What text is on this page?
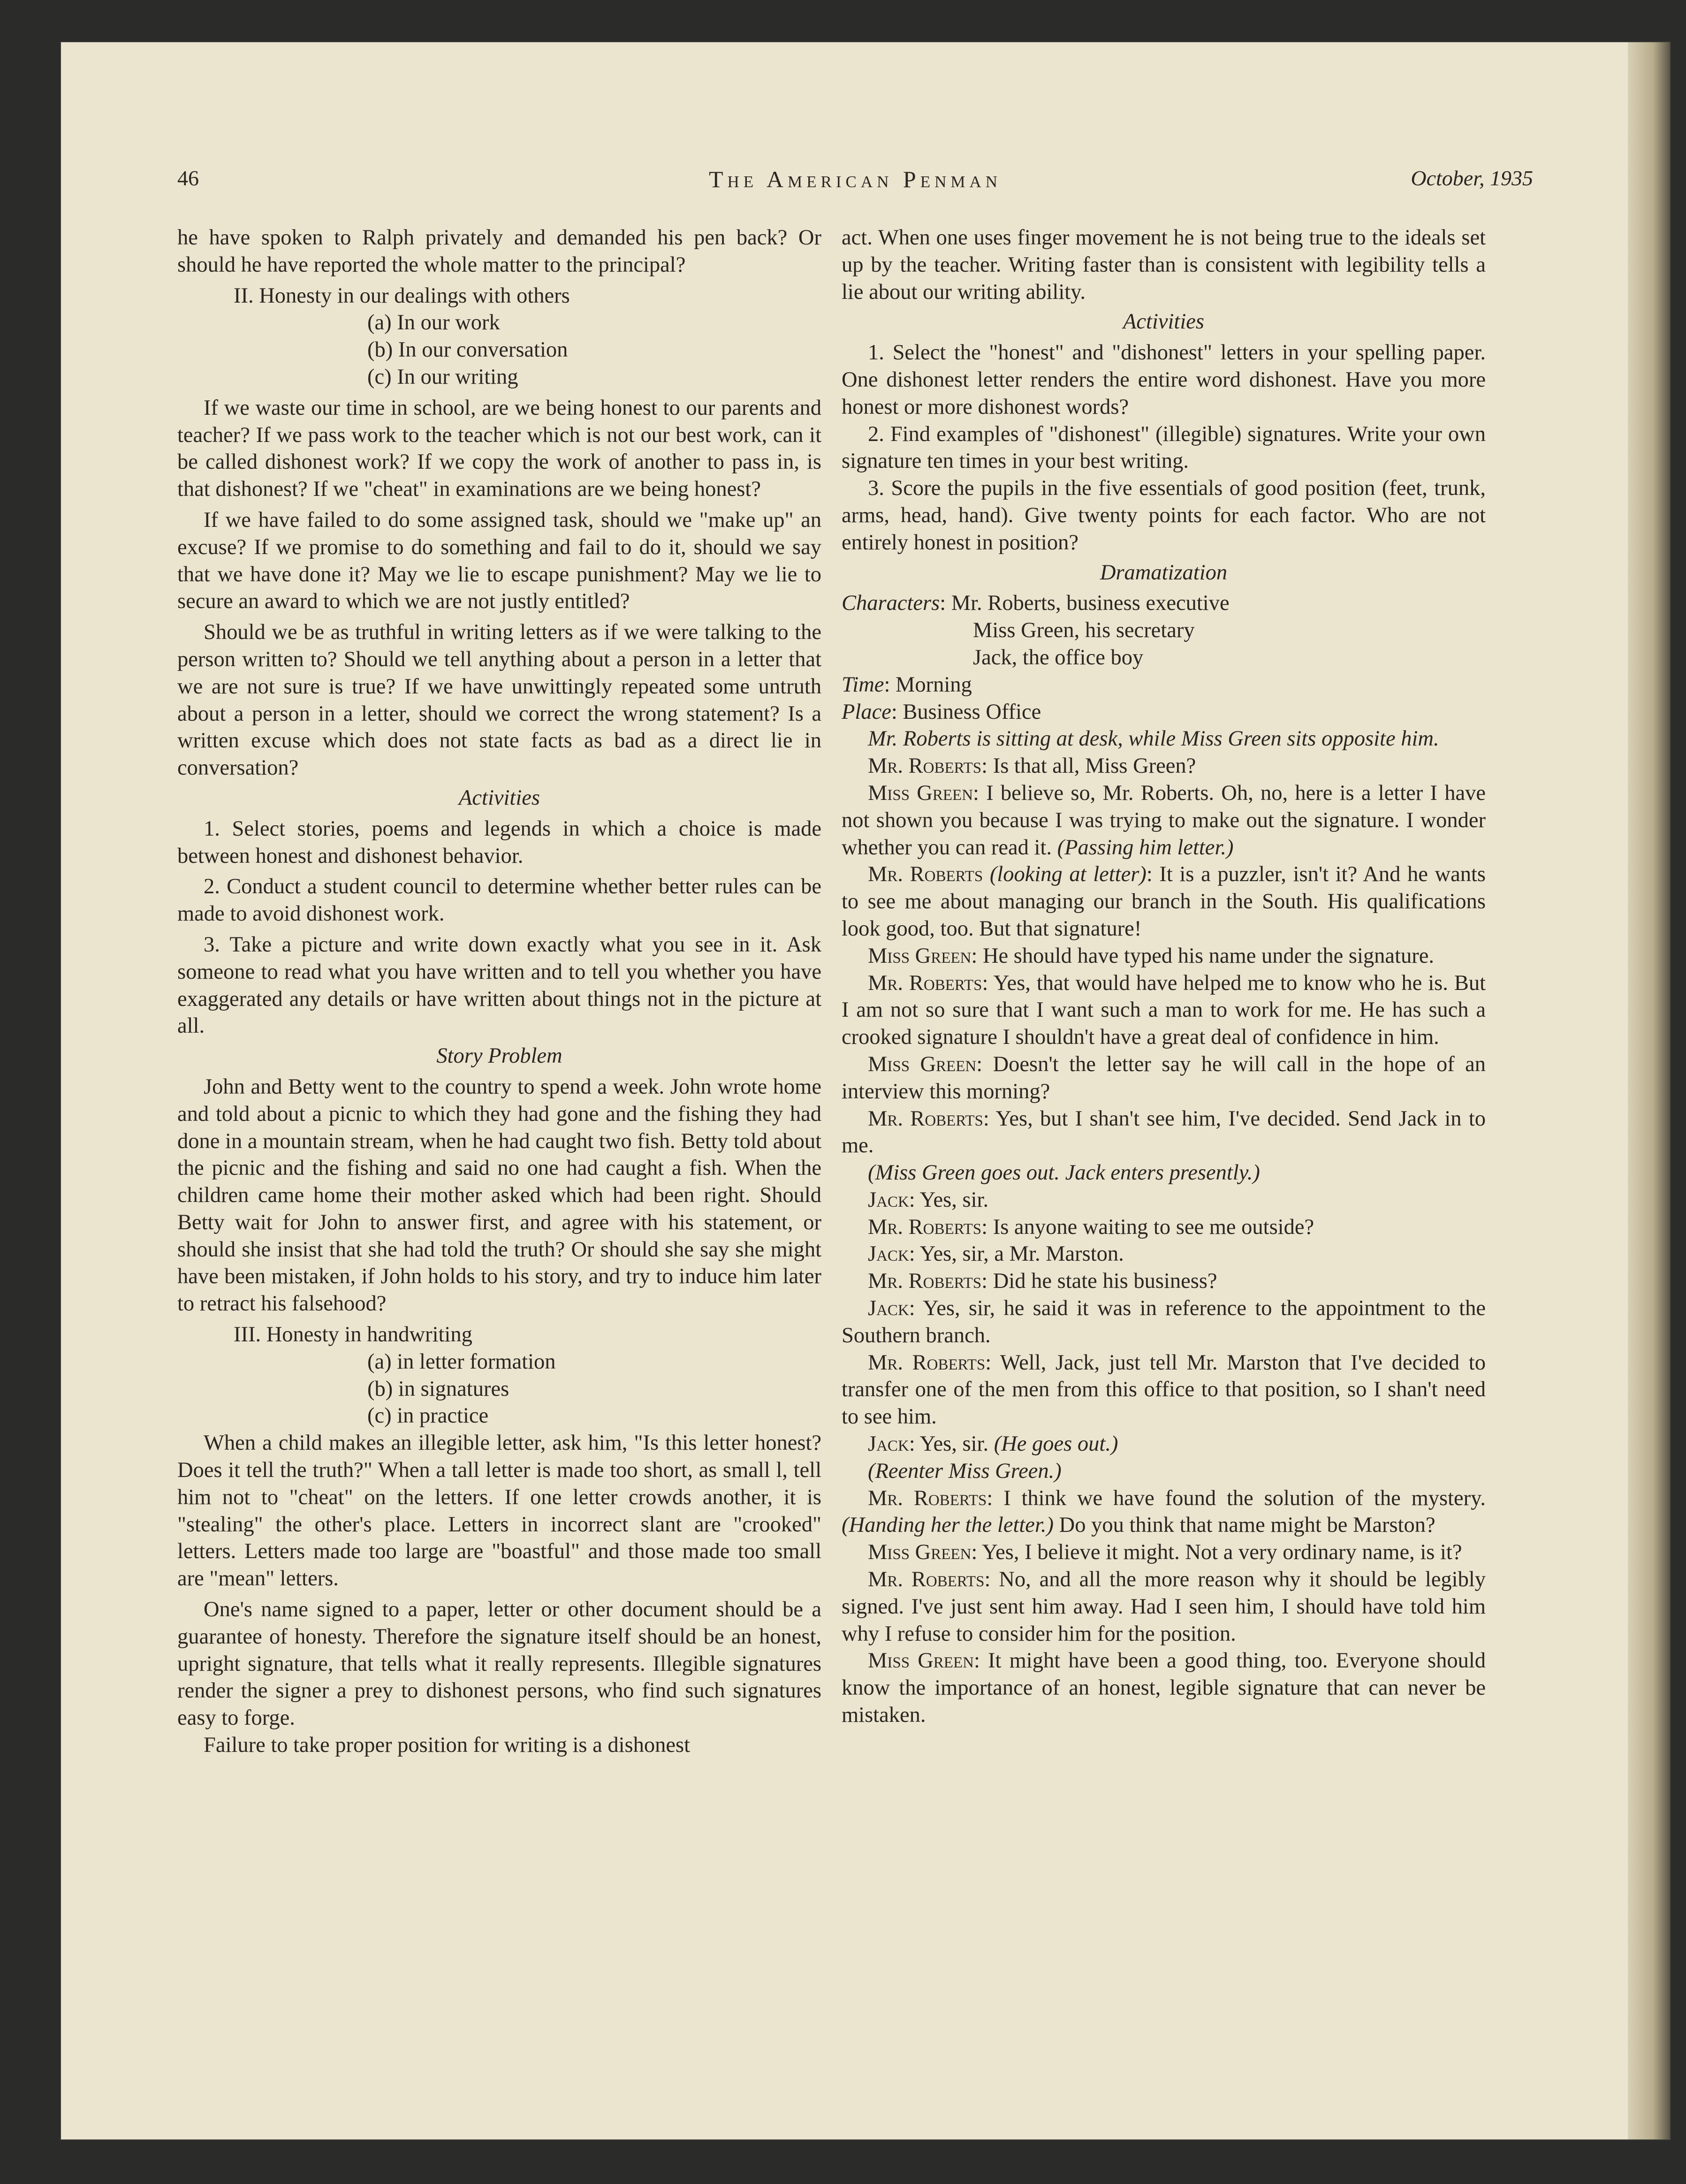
46	The American Penman	October, 1935

he have spoken to Ralph privately and demanded his pen back? Or should he have reported the whole matter to the principal?

II. Honesty in our dealings with others

(a) In our work

(b) In our conversation

(c) In our writing

If we waste our time in school, are we being honest to our parents and teacher? If we pass work to the teacher which is not our best work, can it be called dishonest work? If we copy the work of another to pass in, is that dishonest? If we "cheat" in examinations are we being honest?

If we have failed to do some assigned task, should we "make up" an excuse? If we promise to do something and fail to do it, should we say that we have done it? May we lie to escape punishment? May we lie to secure an award to which we are not justly entitled?

Should we be as truthful in writing letters as if we were talking to the person written to? Should we tell anything about a person in a letter that we are not sure is true? If we have unwittingly repeated some untruth about a person in a letter, should we correct the wrong statement? Is a written excuse which does not state facts as bad as a direct lie in conversation?

Activities

1. Select stories, poems and legends in which a choice is made between honest and dishonest behavior.

2. Conduct a student council to determine whether better rules can be made to avoid dishonest work.

3. Take a picture and write down exactly what you see in it. Ask someone to read what you have written and to tell you whether you have exaggerated any details or have written about things not in the picture at all.

Story Problem

John and Betty went to the country to spend a week. John wrote home and told about a picnic to which they had gone and the fishing they had done in a mountain stream, when he had caught two fish. Betty told about the picnic and the fishing and said no one had caught a fish. When the children came home their mother asked which had been right. Should Betty wait for John to answer first, and agree with his statement, or should she insist that she had told the truth? Or should she say she might have been mistaken, if John holds to his story, and try to induce him later to retract his falsehood?

III. Honesty in handwriting

(a) in letter formation

(b) in signatures

(c) in practice

When a child makes an illegible letter, ask him, "Is this letter honest? Does it tell the truth?" When a tall letter is made too short, as small l, tell him not to "cheat" on the letters. If one letter crowds another, it is "stealing" the other's place. Letters in incorrect slant are "crooked" letters. Letters made too large are "boastful" and those made too small are "mean" letters.

One's name signed to a paper, letter or other document should be a guarantee of honesty. Therefore the signature itself should be an honest, upright signature, that tells what it really represents. Illegible signatures render the signer a prey to dishonest persons, who find such signatures easy to forge.

Failure to take proper position for writing is a dishonest

act. When one uses finger movement he is not being true to the ideals set up by the teacher. Writing faster than is consistent with legibility tells a lie about our writing ability.

Activities

1. Select the "honest" and "dishonest" letters in your spelling paper. One dishonest letter renders the entire word dishonest. Have you more honest or more dishonest words?

2. Find examples of "dishonest" (illegible) signatures. Write your own signature ten times in your best writing.

3. Score the pupils in the five essentials of good position (feet, trunk, arms, head, hand). Give twenty points for each factor. Who are not entirely honest in position?

Dramatization

Characters: Mr. Roberts, business executive

Miss Green, his secretary

Jack, the office boy

Time: Morning

Place: Business Office

Mr. Roberts is sitting at desk, while Miss Green sits opposite him.

Mr. Roberts: Is that all, Miss Green?

Miss Green: I believe so, Mr. Roberts. Oh, no, here is a letter I have not shown you because I was trying to make out the signature. I wonder whether you can read it. (Passing him letter.)

Mr. Roberts (looking at letter): It is a puzzler, isn't it? And he wants to see me about managing our branch in the South. His qualifications look good, too. But that signature!

Miss Green: He should have typed his name under the signature.

Mr. Roberts: Yes, that would have helped me to know who he is. But I am not so sure that I want such a man to work for me. He has such a crooked signature I shouldn't have a great deal of confidence in him.

Miss Green: Doesn't the letter say he will call in the hope of an interview this morning?

Mr. Roberts: Yes, but I shan't see him, I've decided. Send Jack in to me.

(Miss Green goes out. Jack enters presently.)

Jack: Yes, sir.

Mr. Roberts: Is anyone waiting to see me outside?

Jack: Yes, sir, a Mr. Marston.

Mr. Roberts: Did he state his business?

Jack: Yes, sir, he said it was in reference to the appointment to the Southern branch.

Mr. Roberts: Well, Jack, just tell Mr. Marston that I've decided to transfer one of the men from this office to that position, so I shan't need to see him.

Jack: Yes, sir. (He goes out.)

(Reenter Miss Green.)

Mr. Roberts: I think we have found the solution of the mystery. (Handing her the letter.) Do you think that name might be Marston?

Miss Green: Yes, I believe it might. Not a very ordinary name, is it?

Mr. Roberts: No, and all the more reason why it should be legibly signed. I've just sent him away. Had I seen him, I should have told him why I refuse to consider him for the position.

Miss Green: It might have been a good thing, too. Everyone should know the importance of an honest, legible signature that can never be mistaken.
